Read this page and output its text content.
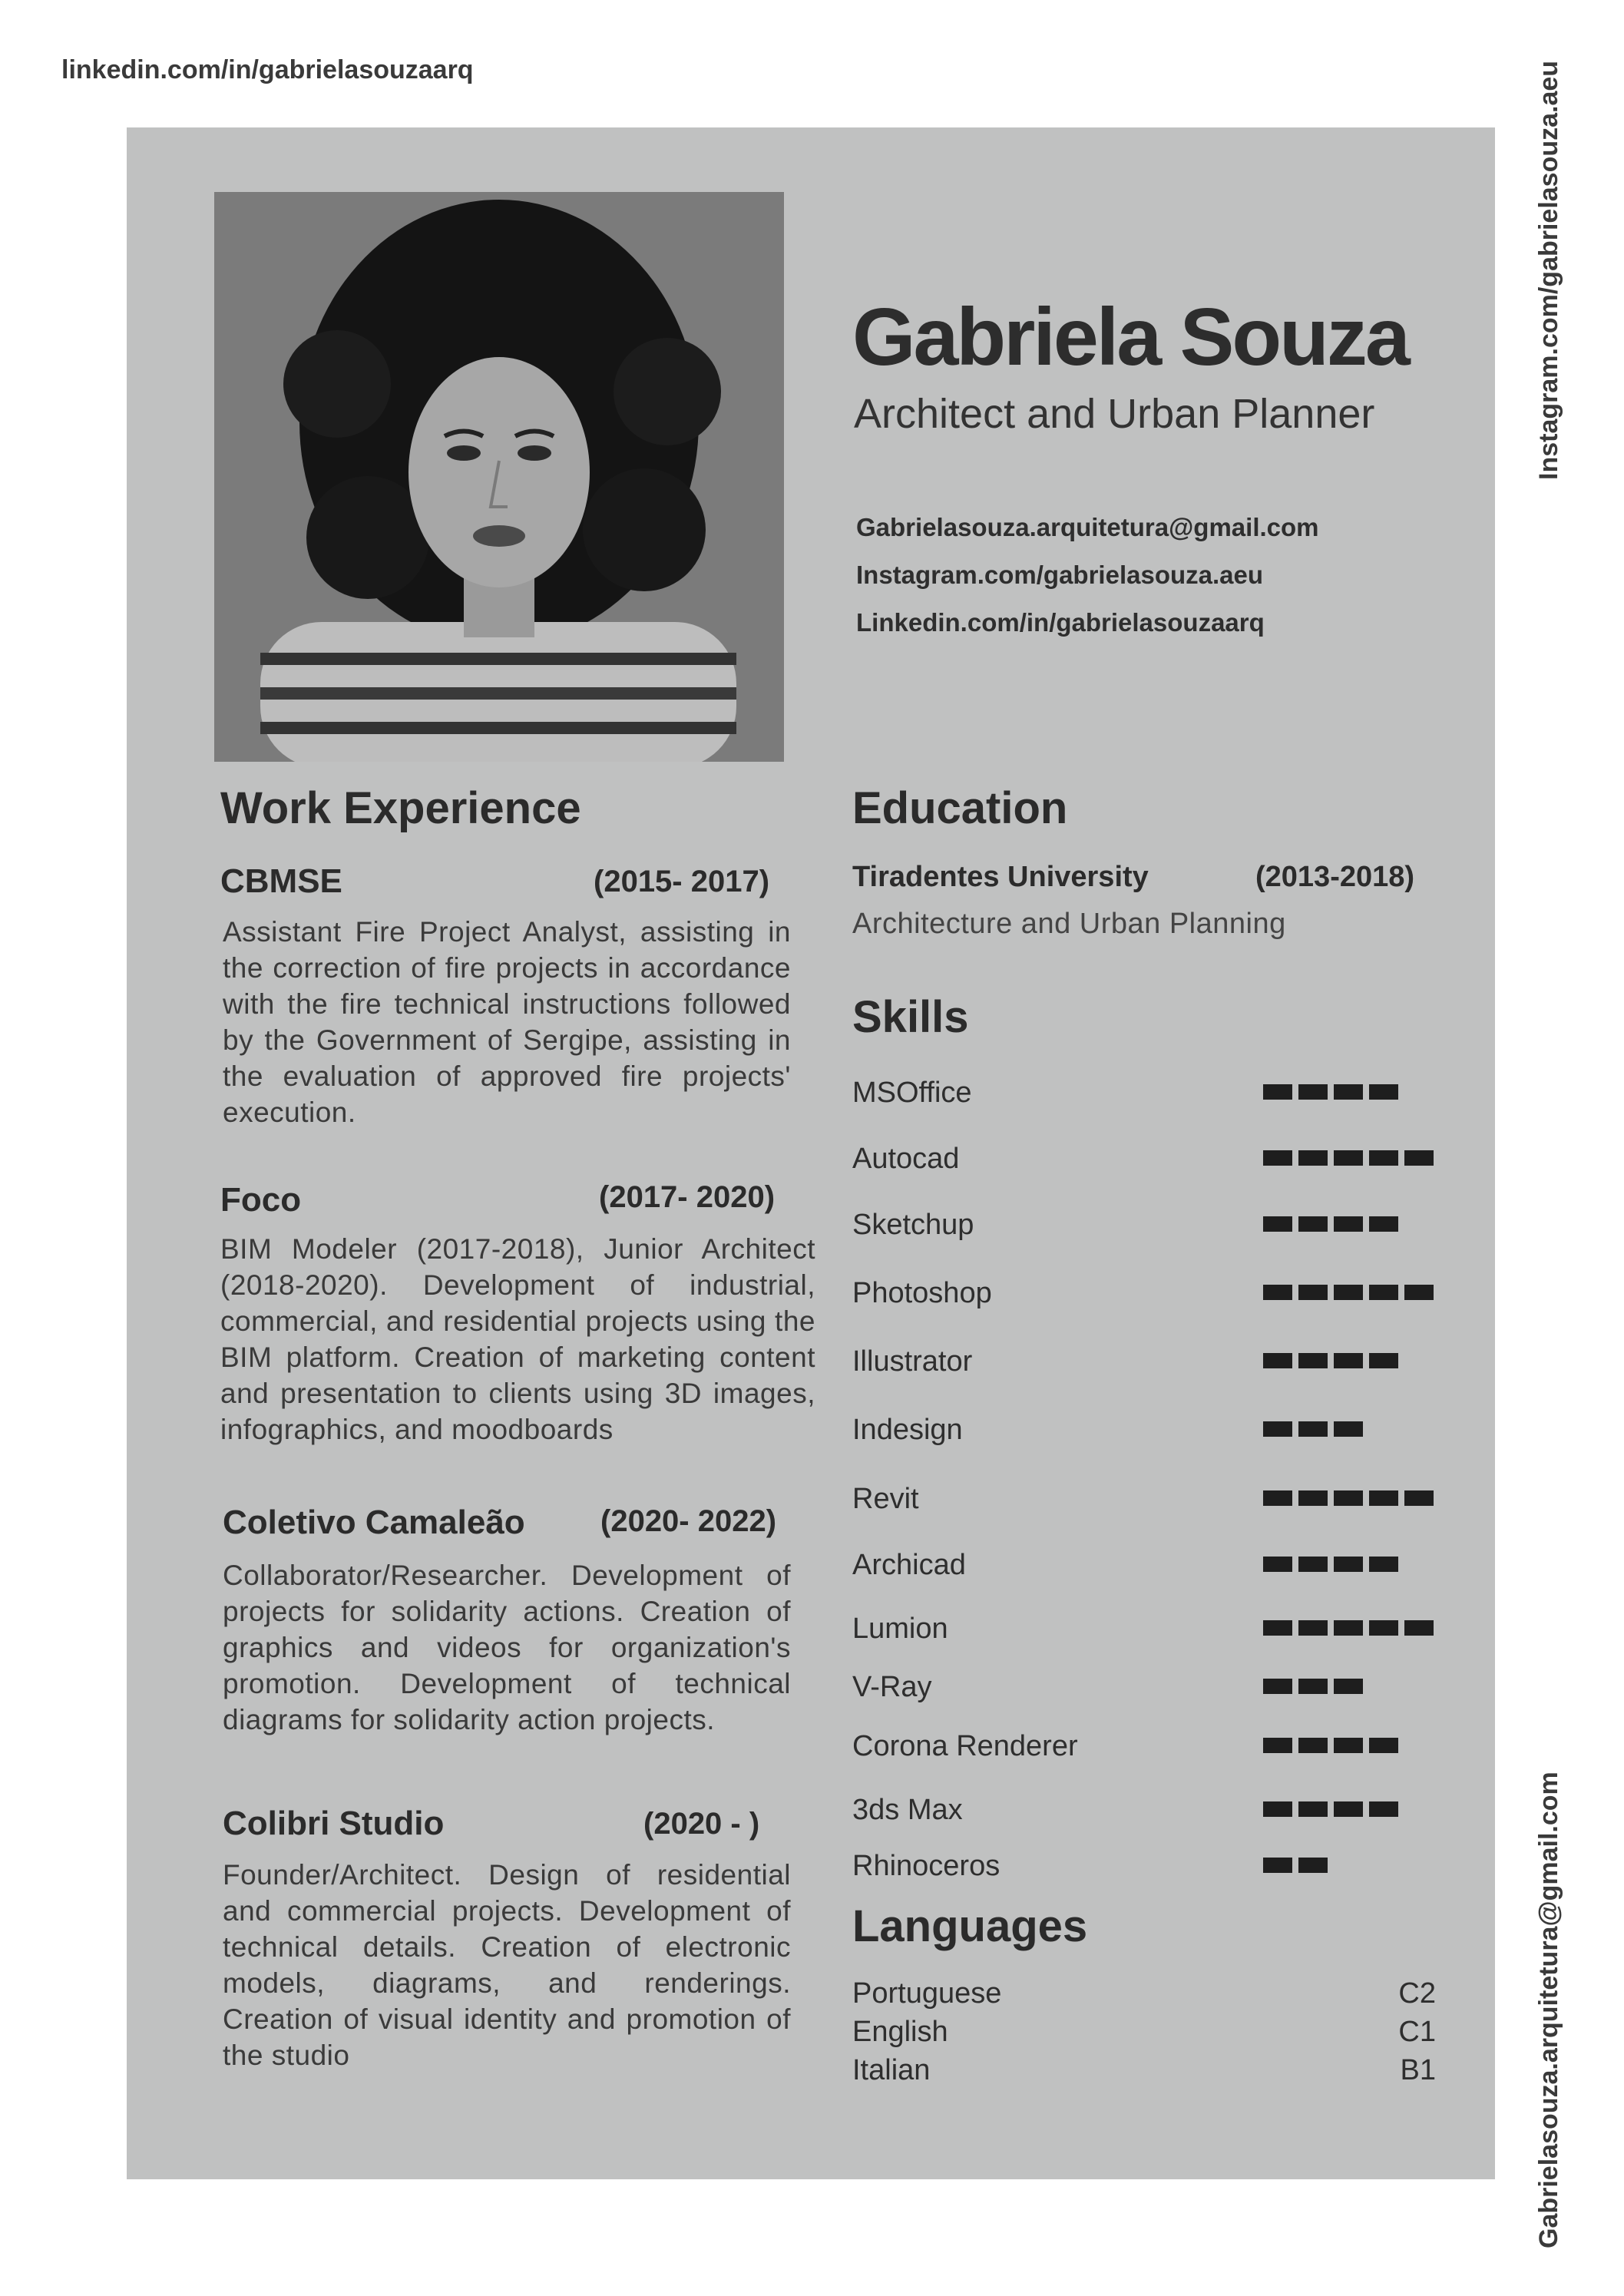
linkedin.com/in/gabrielasouzaarq	Instagram.com/gabrielasouza.aeu
Gabrielasouza.arquitetura@gmail.com
Gabriela Souza
Architect and Urban Planner
Gabrielasouza.arquitetura@gmail.com
Instagram.com/gabrielasouza.aeu
Linkedin.com/in/gabrielasouzaarq
Work Experience
CBMSE	(2015- 2017)
Assistant Fire Project Analyst, assisting in the correction of fire projects in accordance with the fire technical instructions followed by the Government of Sergipe, assisting in the evaluation of approved fire projects' execution.
Foco	(2017- 2020)
BIM Modeler (2017-2018), Junior Architect (2018-2020). Development of industrial, commercial, and residential projects using the BIM platform. Creation of marketing content and presentation to clients using 3D images, infographics, and moodboards
Coletivo Camaleão (2020- 2022)
Collaborator/Researcher. Development of projects for solidarity actions. Creation of graphics and videos for organization's promotion. Development of technical diagrams for solidarity action projects.
Colibri Studio	(2020 - )
Founder/Architect. Design of residential and commercial projects. Development of technical details. Creation of electronic models, diagrams, and renderings. Creation of visual identity and promotion of the studio
Education
Tiradentes University	(2013-2018)
Architecture and Urban Planning
Skills
MSOffice
Autocad
Sketchup
Photoshop
Illustrator
Indesign
Revit
Archicad
Lumion
V-Ray
Corona Renderer
3ds Max
Rhinoceros
Languages
Portuguese	C2
English	C1
Italian	B1
